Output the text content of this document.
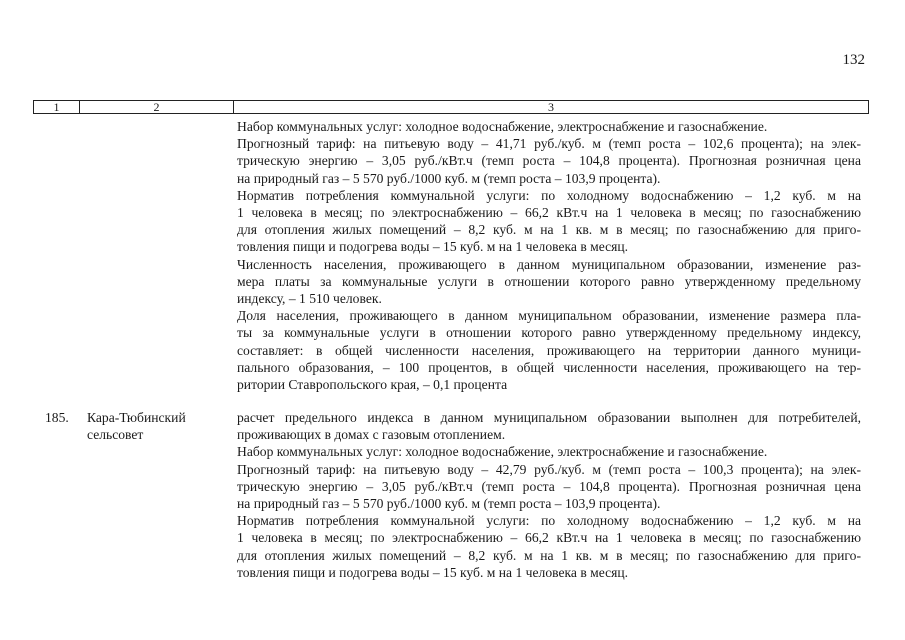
132
1	2	3
Набор коммунальных услуг: холодное водоснабжение, электроснабжение и газоснабжение.
Прогнозный тариф: на питьевую воду – 41,71 руб./куб. м (темп роста – 102,6 процента); на элек-
трическую энергию – 3,05 руб./кВт.ч (темп роста – 104,8 процента). Прогнозная розничная цена
на природный газ – 5 570 руб./1000 куб. м (темп роста – 103,9 процента).
Норматив потребления коммунальной услуги: по холодному водоснабжению – 1,2 куб. м на
1 человека в месяц; по электроснабжению – 66,2 кВт.ч на 1 человека в месяц; по газоснабжению
для отопления жилых помещений – 8,2 куб. м на 1 кв. м в месяц; по газоснабжению для приго-
товления пищи и подогрева воды – 15 куб. м на 1 человека в месяц.
Численность населения, проживающего в данном муниципальном образовании, изменение раз-
мера платы за коммунальные услуги в отношении которого равно утвержденному предельному
индексу, – 1 510 человек.
Доля населения, проживающего в данном муниципальном образовании, изменение размера пла-
ты за коммунальные услуги в отношении которого равно утвержденному предельному индексу,
составляет: в общей численности населения, проживающего на территории данного муници-
пального образования, – 100 процентов, в общей численности населения, проживающего на тер-
ритории Ставропольского края, – 0,1 процента
185. Кара-Тюбинский
сельсовет
расчет предельного индекса в данном муниципальном образовании выполнен для потребителей,
проживающих в домах с газовым отоплением.
Набор коммунальных услуг: холодное водоснабжение, электроснабжение и газоснабжение.
Прогнозный тариф: на питьевую воду – 42,79 руб./куб. м (темп роста – 100,3 процента); на элек-
трическую энергию – 3,05 руб./кВт.ч (темп роста – 104,8 процента). Прогнозная розничная цена
на природный газ – 5 570 руб./1000 куб. м (темп роста – 103,9 процента).
Норматив потребления коммунальной услуги: по холодному водоснабжению – 1,2 куб. м на
1 человека в месяц; по электроснабжению – 66,2 кВт.ч на 1 человека в месяц; по газоснабжению
для отопления жилых помещений – 8,2 куб. м на 1 кв. м в месяц; по газоснабжению для приго-
товления пищи и подогрева воды – 15 куб. м на 1 человека в месяц.
